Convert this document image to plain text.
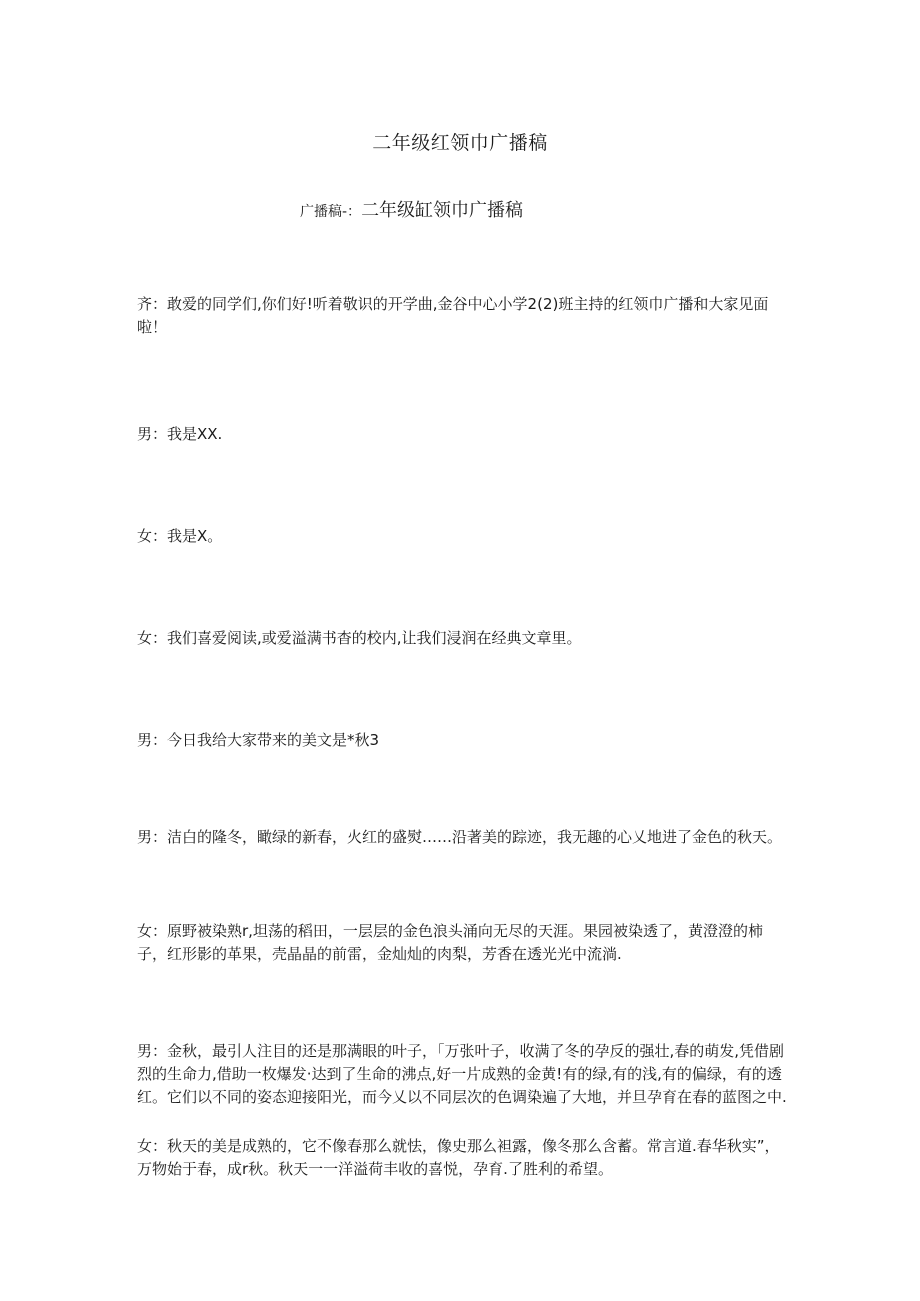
二年级红领巾广播稿
广播稿-：二年级缸领巾广播稿

齐：敢爱的同学们,你们好!听着敬识的开学曲,金谷中心小学2(2)班主持的红领巾广播和大家见面啦！

男：我是XX.

女：我是X。

女：我们喜爱阅读,或爱溢满书杳的校内,让我们浸润在经典文章里。

男：今日我给大家带来的美文是*秋3

男：洁白的隆冬，瞰绿的新春，火红的盛熨……沿著美的踪迹，我无趣的心乂地进了金色的秋天。

女：原野被染熟r,坦荡的稻田，一层层的金色浪头涌向无尽的天涯。果园被染透了，黄澄澄的柿子，红形影的革果，壳晶晶的前雷，金灿灿的肉梨，芳香在透光光中流淌.

男：金秋，最引人注目的还是那满眼的叶子，「万张叶子，收满了冬的孕反的强壮,春的萌发,凭借剧烈的生命力,借助一枚爆发·达到了生命的沸点,好一片成熟的金黄!有的绿,有的浅,有的偏绿，有的透红。它们以不同的姿态迎接阳光，而今乂以不同层次的色调染遍了大地，并旦孕育在春的蓝图之中.

女：秋天的美是成熟的，它不像春那么就怯，像史那么袒露，像冬那么含蓄。常言道.春华秋实”，万物始于春，成r秋。秋天一一洋溢荷丰收的喜悦，孕育.了胜利的希望。
